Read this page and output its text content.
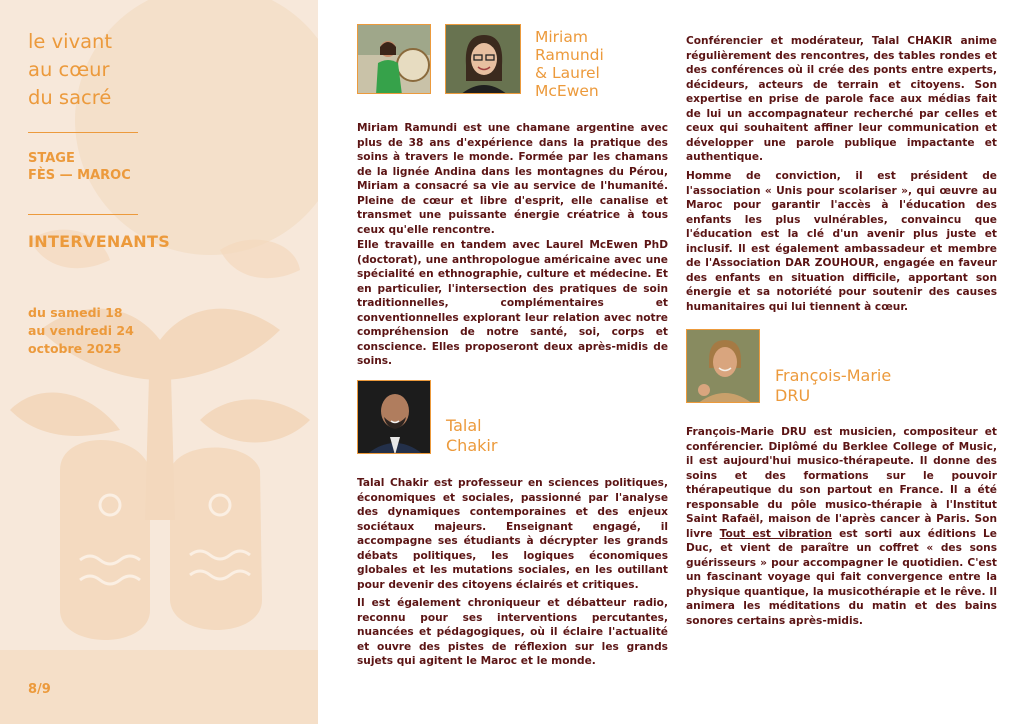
le vivant
au cœur
du sacré
STAGE
FÈS — MAROC
INTERVENANTS
du samedi 18
au vendredi 24
octobre 2025
8/9
Miriam
Ramundi
& Laurel
McEwen

Miriam Ramundi est une chamane argentine avec plus de 38 ans d'expérience dans la pratique des soins à travers le monde. Formée par les chamans de la lignée Andina dans les montagnes du Pérou, Miriam a consacré sa vie au service de l'humanité. Pleine de cœur et libre d'esprit, elle canalise et transmet une puissante énergie créatrice à tous ceux qu'elle rencontre.

Elle travaille en tandem avec Laurel McEwen PhD (doctorat), une anthropologue américaine avec une spécialité en ethnographie, culture et médecine. Et en particulier, l'intersection des pratiques de soin traditionnelles, complémentaires et conventionnelles explorant leur relation avec notre compréhension de notre santé, soi, corps et conscience. Elles proposeront deux après-midis de soins.

Talal
Chakir

Talal Chakir est professeur en sciences politiques, économiques et sociales, passionné par l'analyse des dynamiques contemporaines et des enjeux sociétaux majeurs. Enseignant engagé, il accompagne ses étudiants à décrypter les grands débats politiques, les logiques économiques globales et les mutations sociales, en les outillant pour devenir des citoyens éclairés et critiques.

Il est également chroniqueur et débatteur radio, reconnu pour ses interventions percutantes, nuancées et pédagogiques, où il éclaire l'actualité et ouvre des pistes de réflexion sur les grands sujets qui agitent le Maroc et le monde.

Conférencier et modérateur, Talal CHAKIR anime régulièrement des rencontres, des tables rondes et des conférences où il crée des ponts entre experts, décideurs, acteurs de terrain et citoyens. Son expertise en prise de parole face aux médias fait de lui un accompagnateur recherché par celles et ceux qui souhaitent affiner leur communication et développer une parole publique impactante et authentique.

Homme de conviction, il est président de l'association « Unis pour scolariser », qui œuvre au Maroc pour garantir l'accès à l'éducation des enfants les plus vulnérables, convaincu que l'éducation est la clé d'un avenir plus juste et inclusif. Il est également ambassadeur et membre de l'Association DAR ZOUHOUR, engagée en faveur des enfants en situation difficile, apportant son énergie et sa notoriété pour soutenir des causes humanitaires qui lui tiennent à cœur.

François-Marie
DRU

François-Marie DRU est musicien, compositeur et conférencier. Diplômé du Berklee College of Music, il est aujourd'hui musico-thérapeute. Il donne des soins et des formations sur le pouvoir thérapeutique du son partout en France. Il a été responsable du pôle musico-thérapie à l'Institut Saint Rafaël, maison de l'après cancer à Paris. Son livre Tout est vibration est sorti aux éditions Le Duc, et vient de paraître un coffret « des sons guérisseurs » pour accompagner le quotidien. C'est un fascinant voyage qui fait convergence entre la physique quantique, la musicothérapie et le rêve. Il animera les méditations du matin et des bains sonores certains après-midis.
